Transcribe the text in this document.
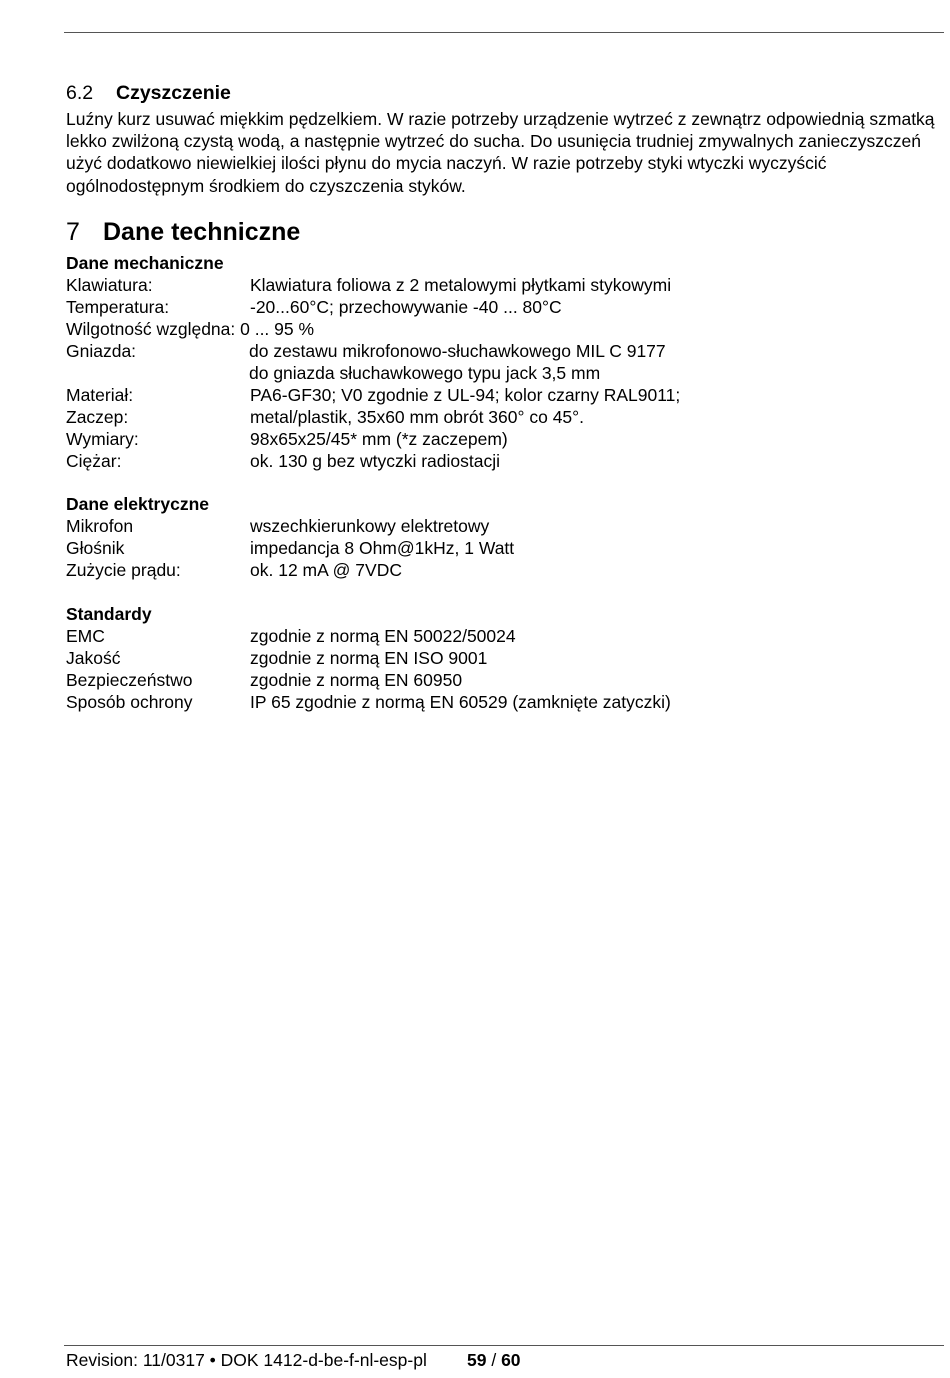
6.2 Czyszczenie
Luźny kurz usuwać miękkim pędzelkiem. W razie potrzeby urządzenie wytrzeć z zewnątrz odpowiednią szmatką lekko zwilżoną czystą wodą, a następnie wytrzeć do sucha. Do usunięcia trudniej zmywalnych zanieczyszczeń użyć dodatkowo niewielkiej ilości płynu do mycia naczyń. W razie potrzeby styki wtyczki wyczyścić ogólnodostępnym środkiem do czyszczenia styków.
7 Dane techniczne
Dane mechaniczne
Klawiatura:	Klawiatura foliowa z 2 metalowymi płytkami stykowymi
Temperatura:	-20...60°C; przechowywanie -40 ... 80°C
Wilgotność względna: 0 ... 95 %
Gniazda:	do zestawu mikrofonowo-słuchawkowego MIL C 9177
do gniazda słuchawkowego typu jack 3,5 mm
Materiał:	PA6-GF30; V0 zgodnie z UL-94; kolor czarny RAL9011;
Zaczep:	metal/plastik, 35x60 mm obrót 360° co 45°.
Wymiary:	98x65x25/45* mm (*z zaczepem)
Ciężar:	ok. 130 g bez wtyczki radiostacji
Dane elektryczne
Mikrofon	wszechkierunkowy elektretowy
Głośnik	impedancja 8 Ohm@1kHz, 1 Watt
Zużycie prądu:	ok. 12 mA @ 7VDC
Standardy
EMC	zgodnie z normą EN 50022/50024
Jakość	zgodnie z normą EN ISO 9001
Bezpieczeństwo	zgodnie z normą EN 60950
Sposób ochrony	IP 65 zgodnie z normą EN 60529 (zamknięte zatyczki)
Revision: 11/0317 • DOK 1412-d-be-f-nl-esp-pl 59 / 60
